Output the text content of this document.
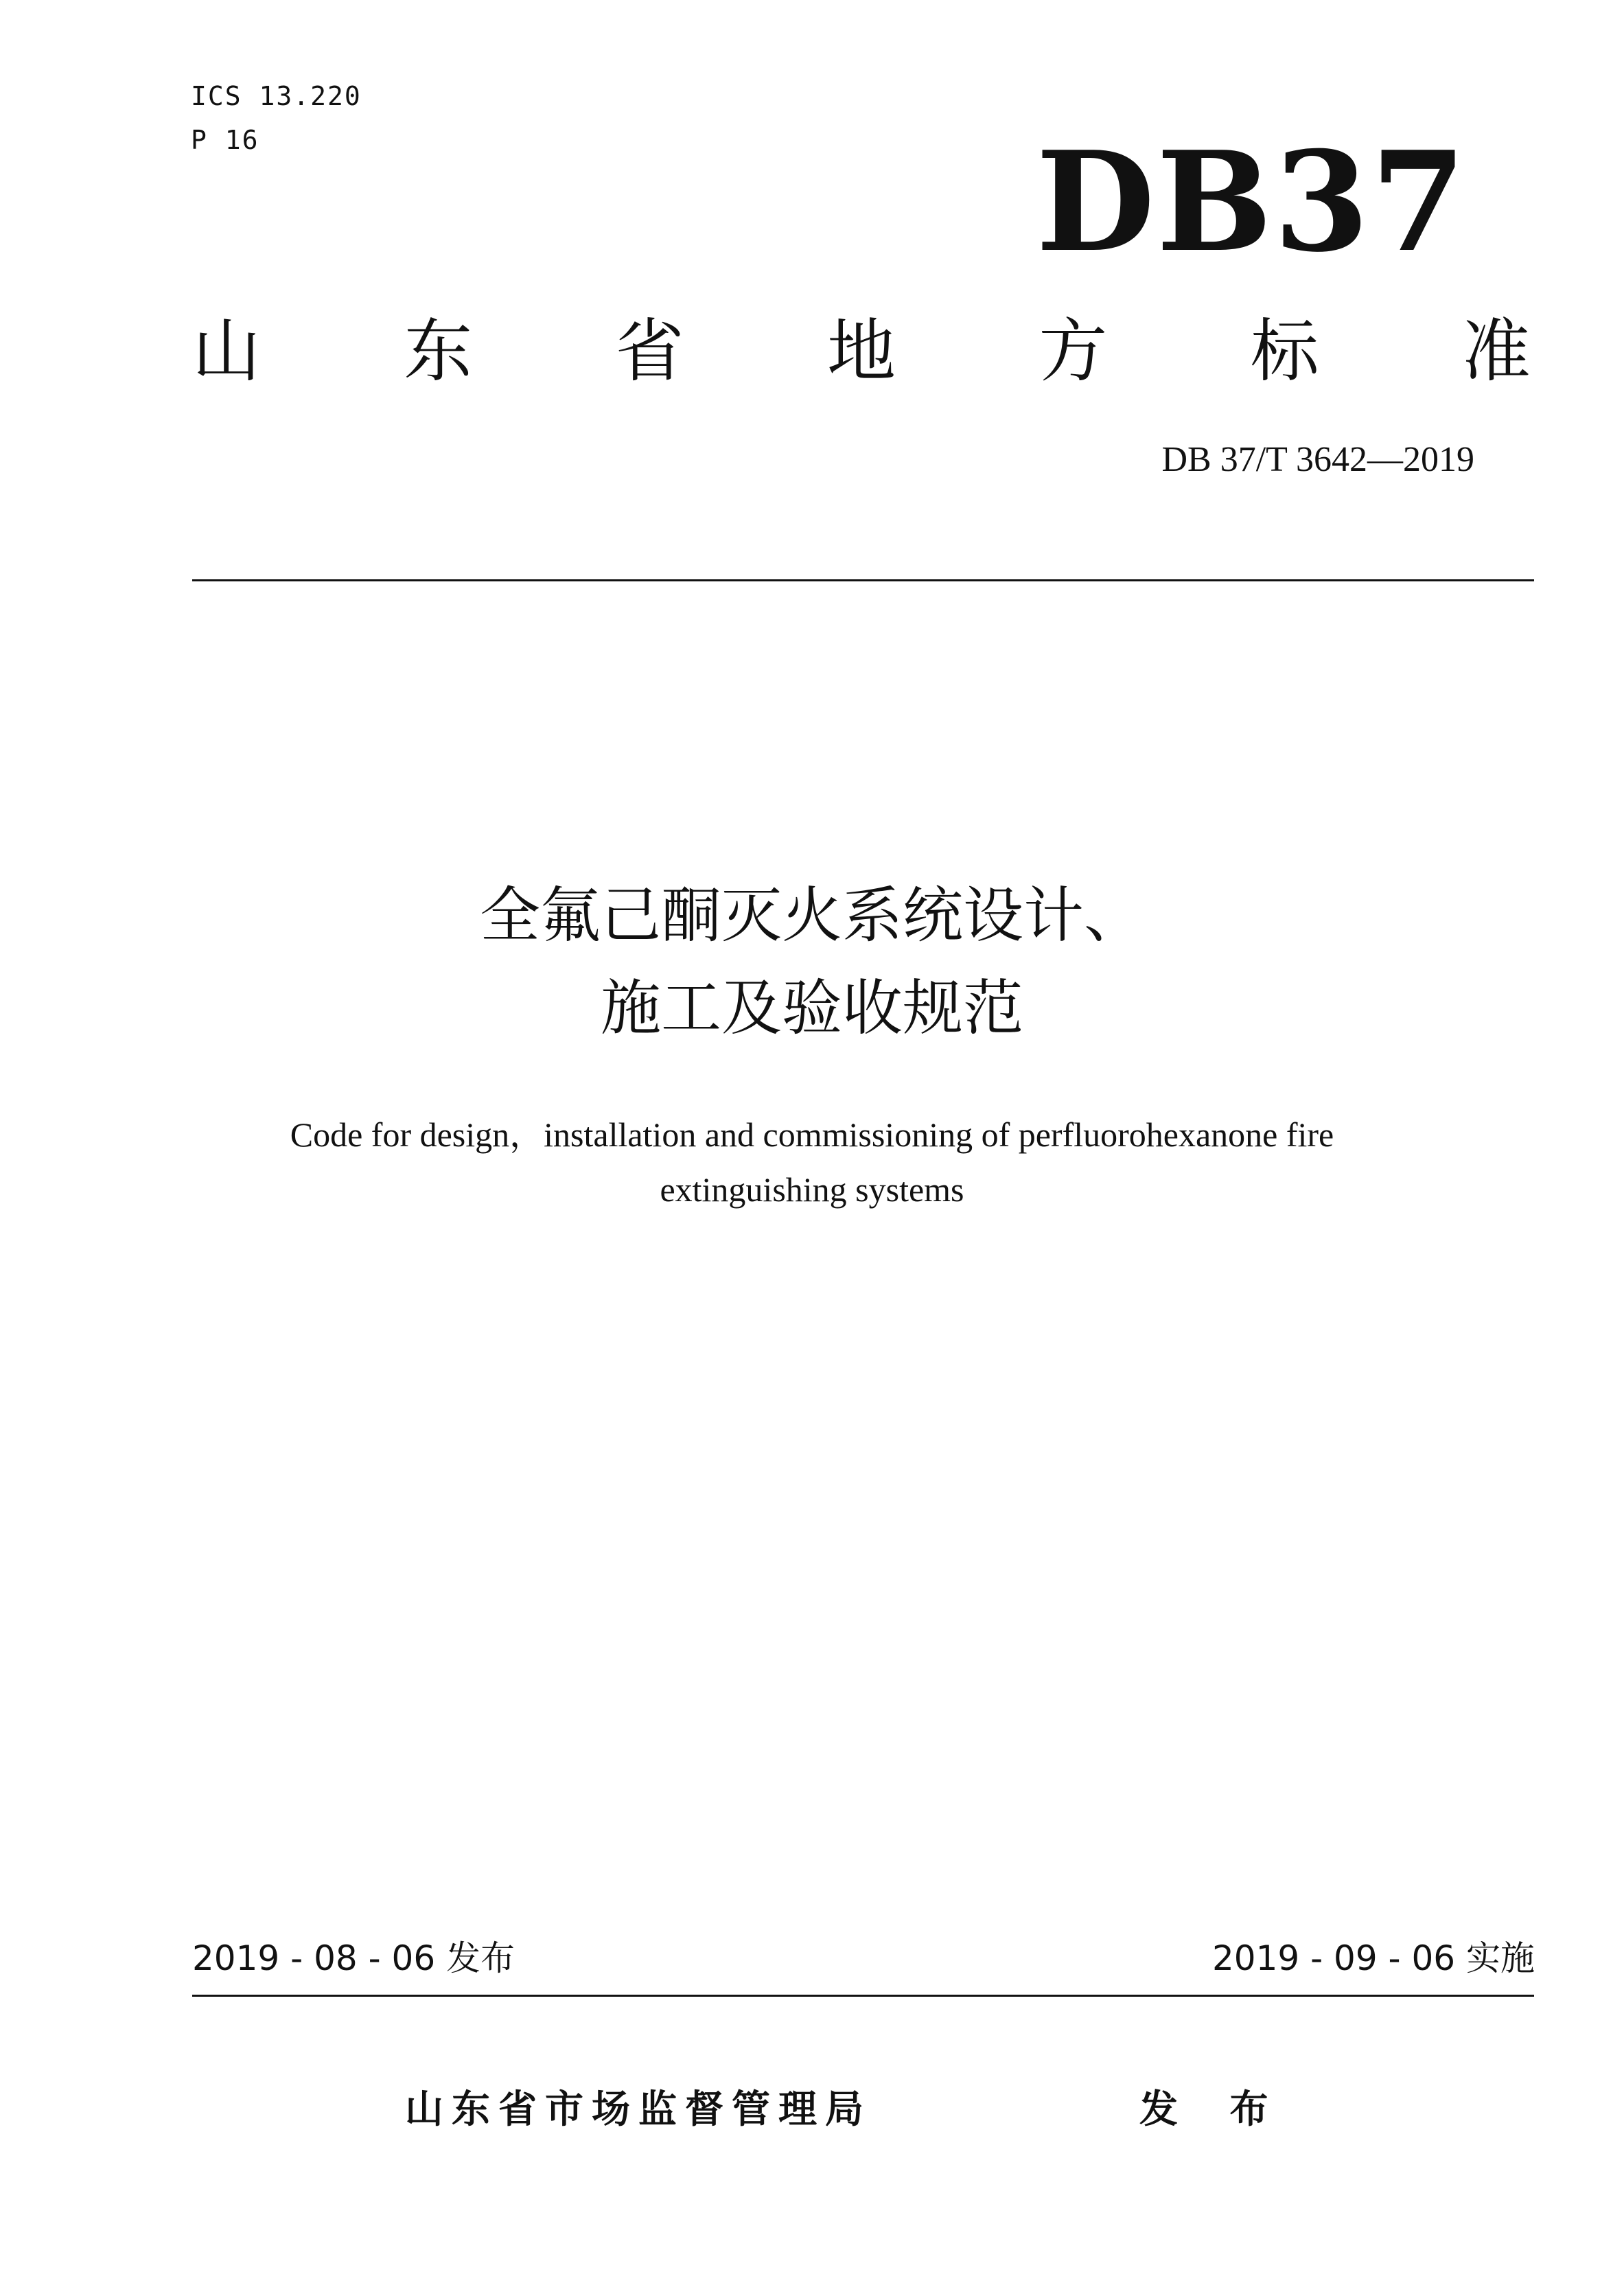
ICS 13.220
P 16	DB37
山 东 省 地 方 标 准
DB 37/T 3642—2019
全氟己酮灭火系统设计、
施工及验收规范
Code for design，installation and commissioning of perfluorohexanone fire
extinguishing systems
2019 - 08 - 06 发布	2019 - 09 - 06 实施
山东省市场监督管理局	发 布
